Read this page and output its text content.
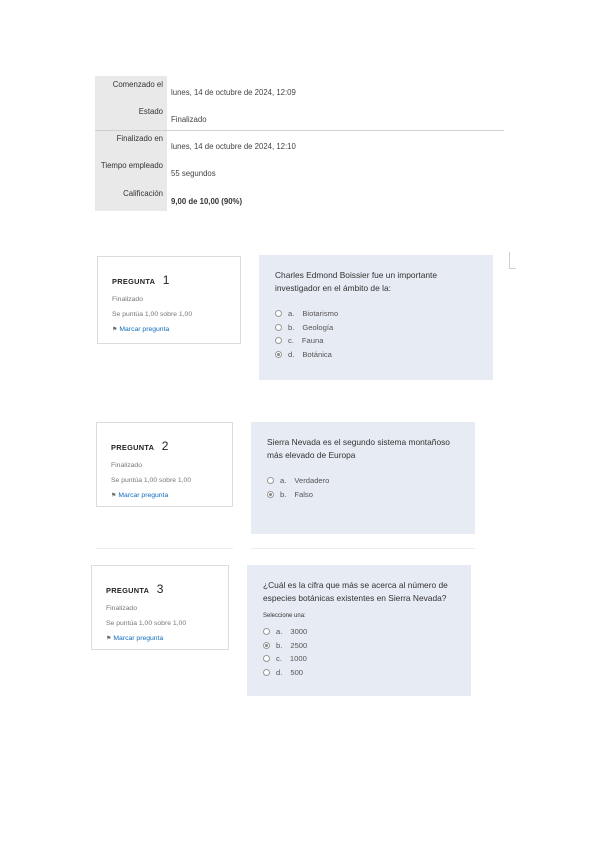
Comenzado el
lunes, 14 de octubre de 2024, 12:09
Estado
Finalizado
Finalizado en
lunes, 14 de octubre de 2024, 12:10
Tiempo empleado
55 segundos
Calificación
9,00 de 10,00 (90%)
PREGUNTA 1
Finalizado
Se puntúa 1,00 sobre 1,00
⚑ Marcar pregunta
Charles Edmond Boissier fue un importante investigador en el ámbito de la:
a. Biotarismo
b. Geología
c. Fauna
d. Botánica
PREGUNTA 2
Finalizado
Se puntúa 1,00 sobre 1,00
⚑ Marcar pregunta
Sierra Nevada es el segundo sistema montañoso más elevado de Europa
a. Verdadero
b. Falso
PREGUNTA 3
Finalizado
Se puntúa 1,00 sobre 1,00
⚑ Marcar pregunta
¿Cuál es la cifra que más se acerca al número de especies botánicas existentes en Sierra Nevada?
Seleccione una:
a. 3000
b. 2500
c. 1000
d. 500
